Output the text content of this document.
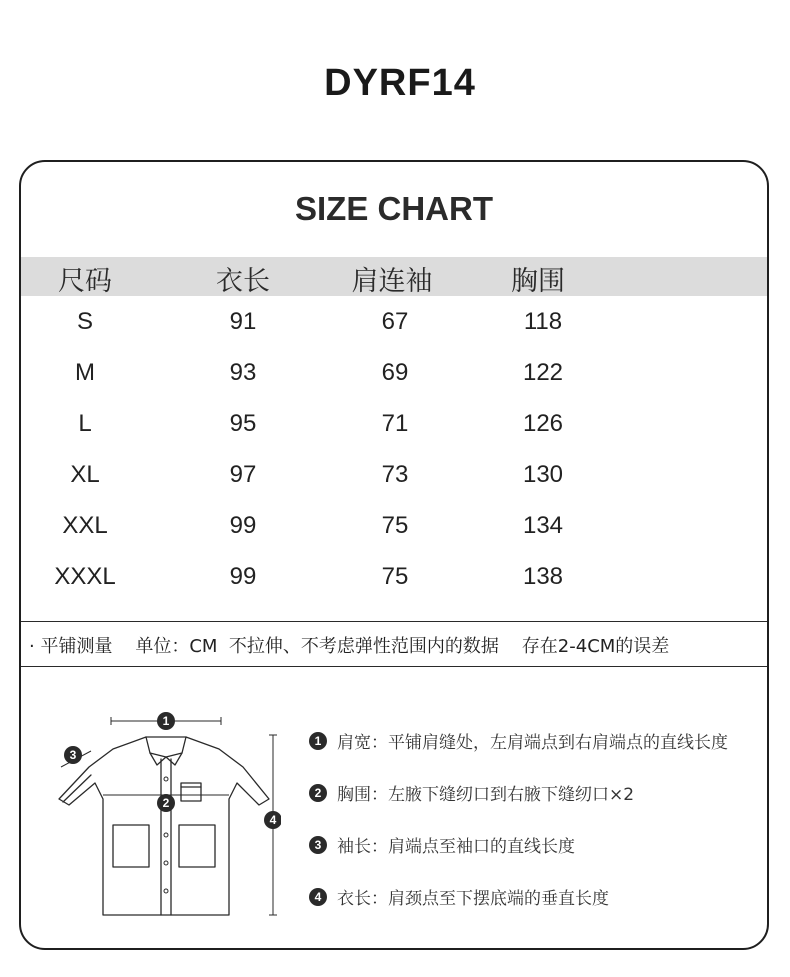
DYRF14
SIZE CHART
尺码	衣长	肩连袖	胸围
S	91	67	118
M	93	69	122
L	95	71	126
XL	97	73	130
XXL	99	75	134
XXXL	99	75	138
· 平铺测量 单位：CM 不拉伸、不考虑弹性范围内的数据 存在2-4CM的误差
1
2
3
4
1 肩宽：平铺肩缝处，左肩端点到右肩端点的直线长度
2 胸围：左腋下缝纫口到右腋下缝纫口×2
3 袖长：肩端点至袖口的直线长度
4 衣长：肩颈点至下摆底端的垂直长度
